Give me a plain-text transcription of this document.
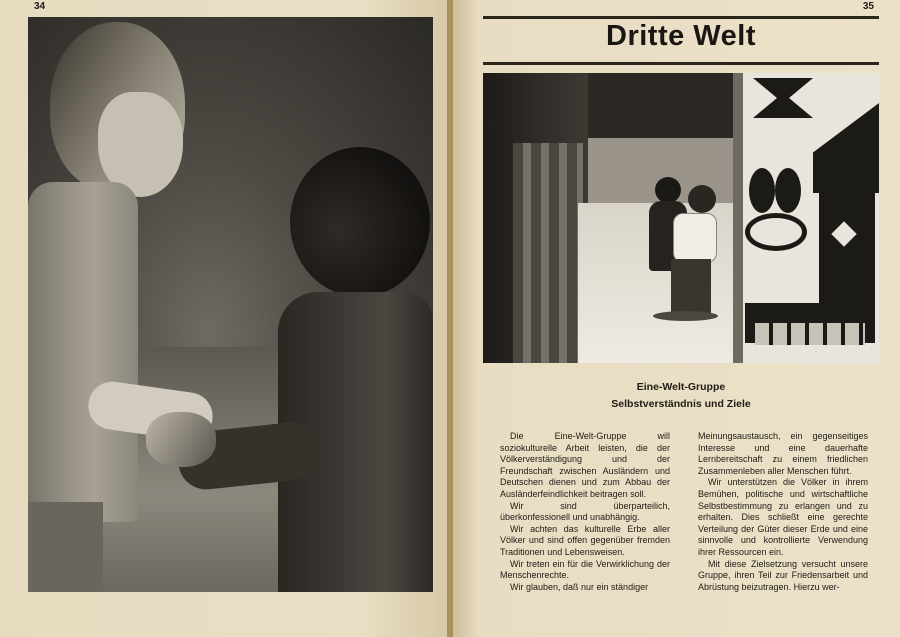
34	35
Dritte Welt
Eine-Welt-Gruppe
Selbstverständnis und Ziele

Die Eine-Welt-Gruppe will soziokulturelle Arbeit leisten, die der Völkerverständigung und der Freundschaft zwischen Ausländern und Deutschen dienen und zum Abbau der Ausländerfeindlichkeit beitragen soll.

Wir sind überparteilich, überkonfessionell und unabhängig.

Wir achten das kulturelle Erbe aller Völker und sind offen gegenüber fremden Traditionen und Lebensweisen.

Wir treten ein für die Verwirklichung der Menschenrechte.

Wir glauben, daß nur ein ständiger

Meinungsaustausch, ein gegenseitiges Interesse und eine dauerhafte Lernbereitschaft zu einem friedlichen Zusammenleben aller Menschen führt.

Wir unterstützen die Völker in ihrem Bemühen, politische und wirtschaftliche Selbstbestimmung zu erlangen und zu erhalten. Dies schließt eine gerechte Verteilung der Güter dieser Erde und eine sinnvolle und kontrollierte Verwendung ihrer Ressourcen ein.

Mit diese Zielsetzung versucht unsere Gruppe, ihren Teil zur Friedensarbeit und Abrüstung beizutragen. Hierzu wer-
